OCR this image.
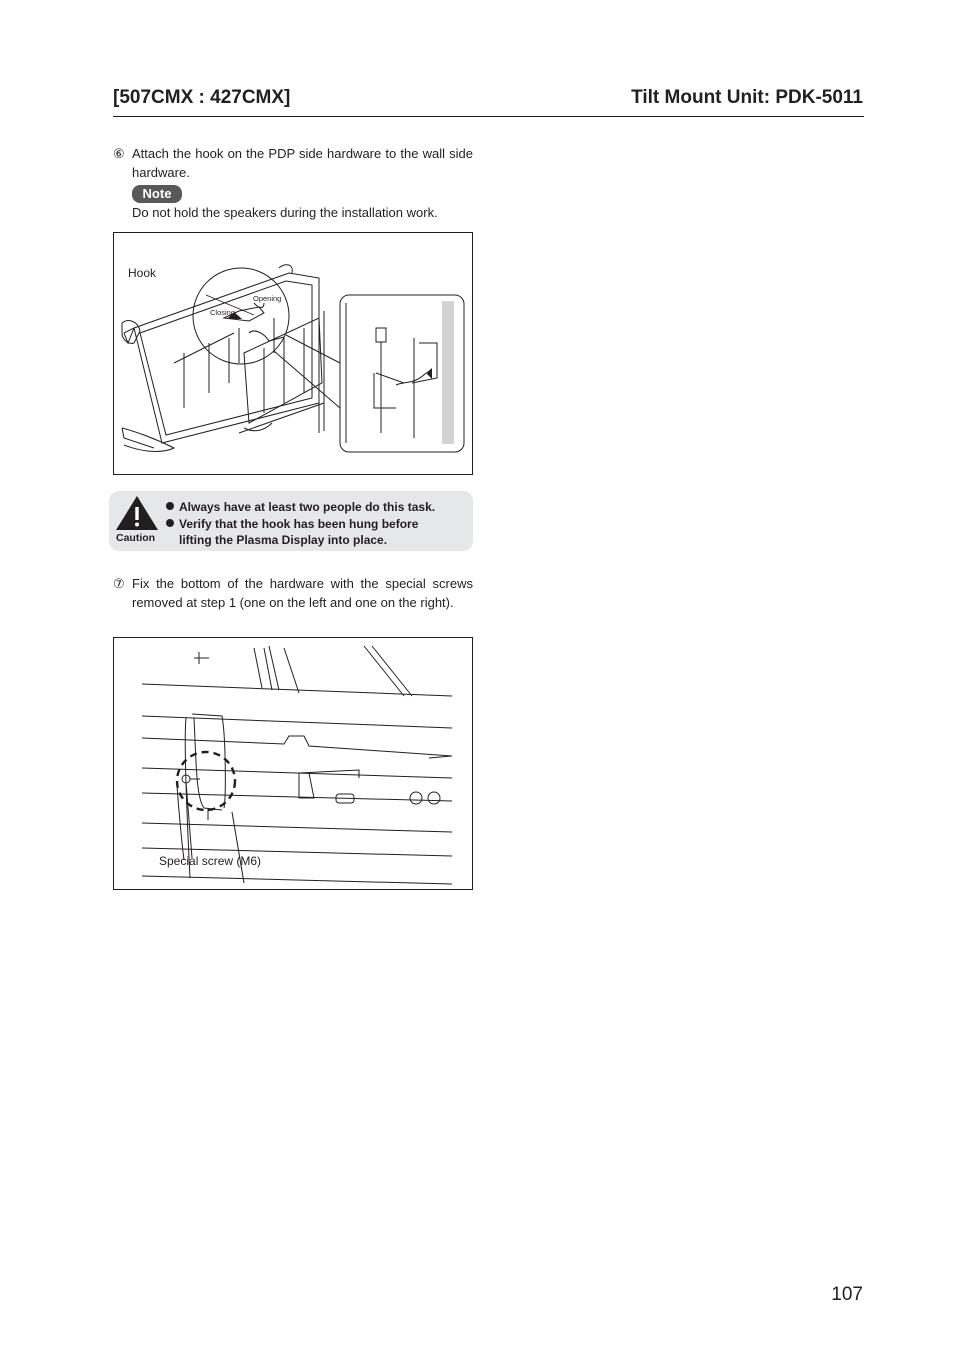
[507CMX : 427CMX]	Tilt Mount Unit: PDK-5011
⑥ Attach the hook on the PDP side hardware to the wall side hardware.
Note
Do not hold the speakers during the installation work.
Hook
Opening
Closing
Caution
Always have at least two people do this task.
Verify that the hook has been hung before
lifting the Plasma Display into place.
⑦ Fix the bottom of the hardware with the special screws removed at step 1 (one on the left and one on the right).
Special screw (M6)
107
